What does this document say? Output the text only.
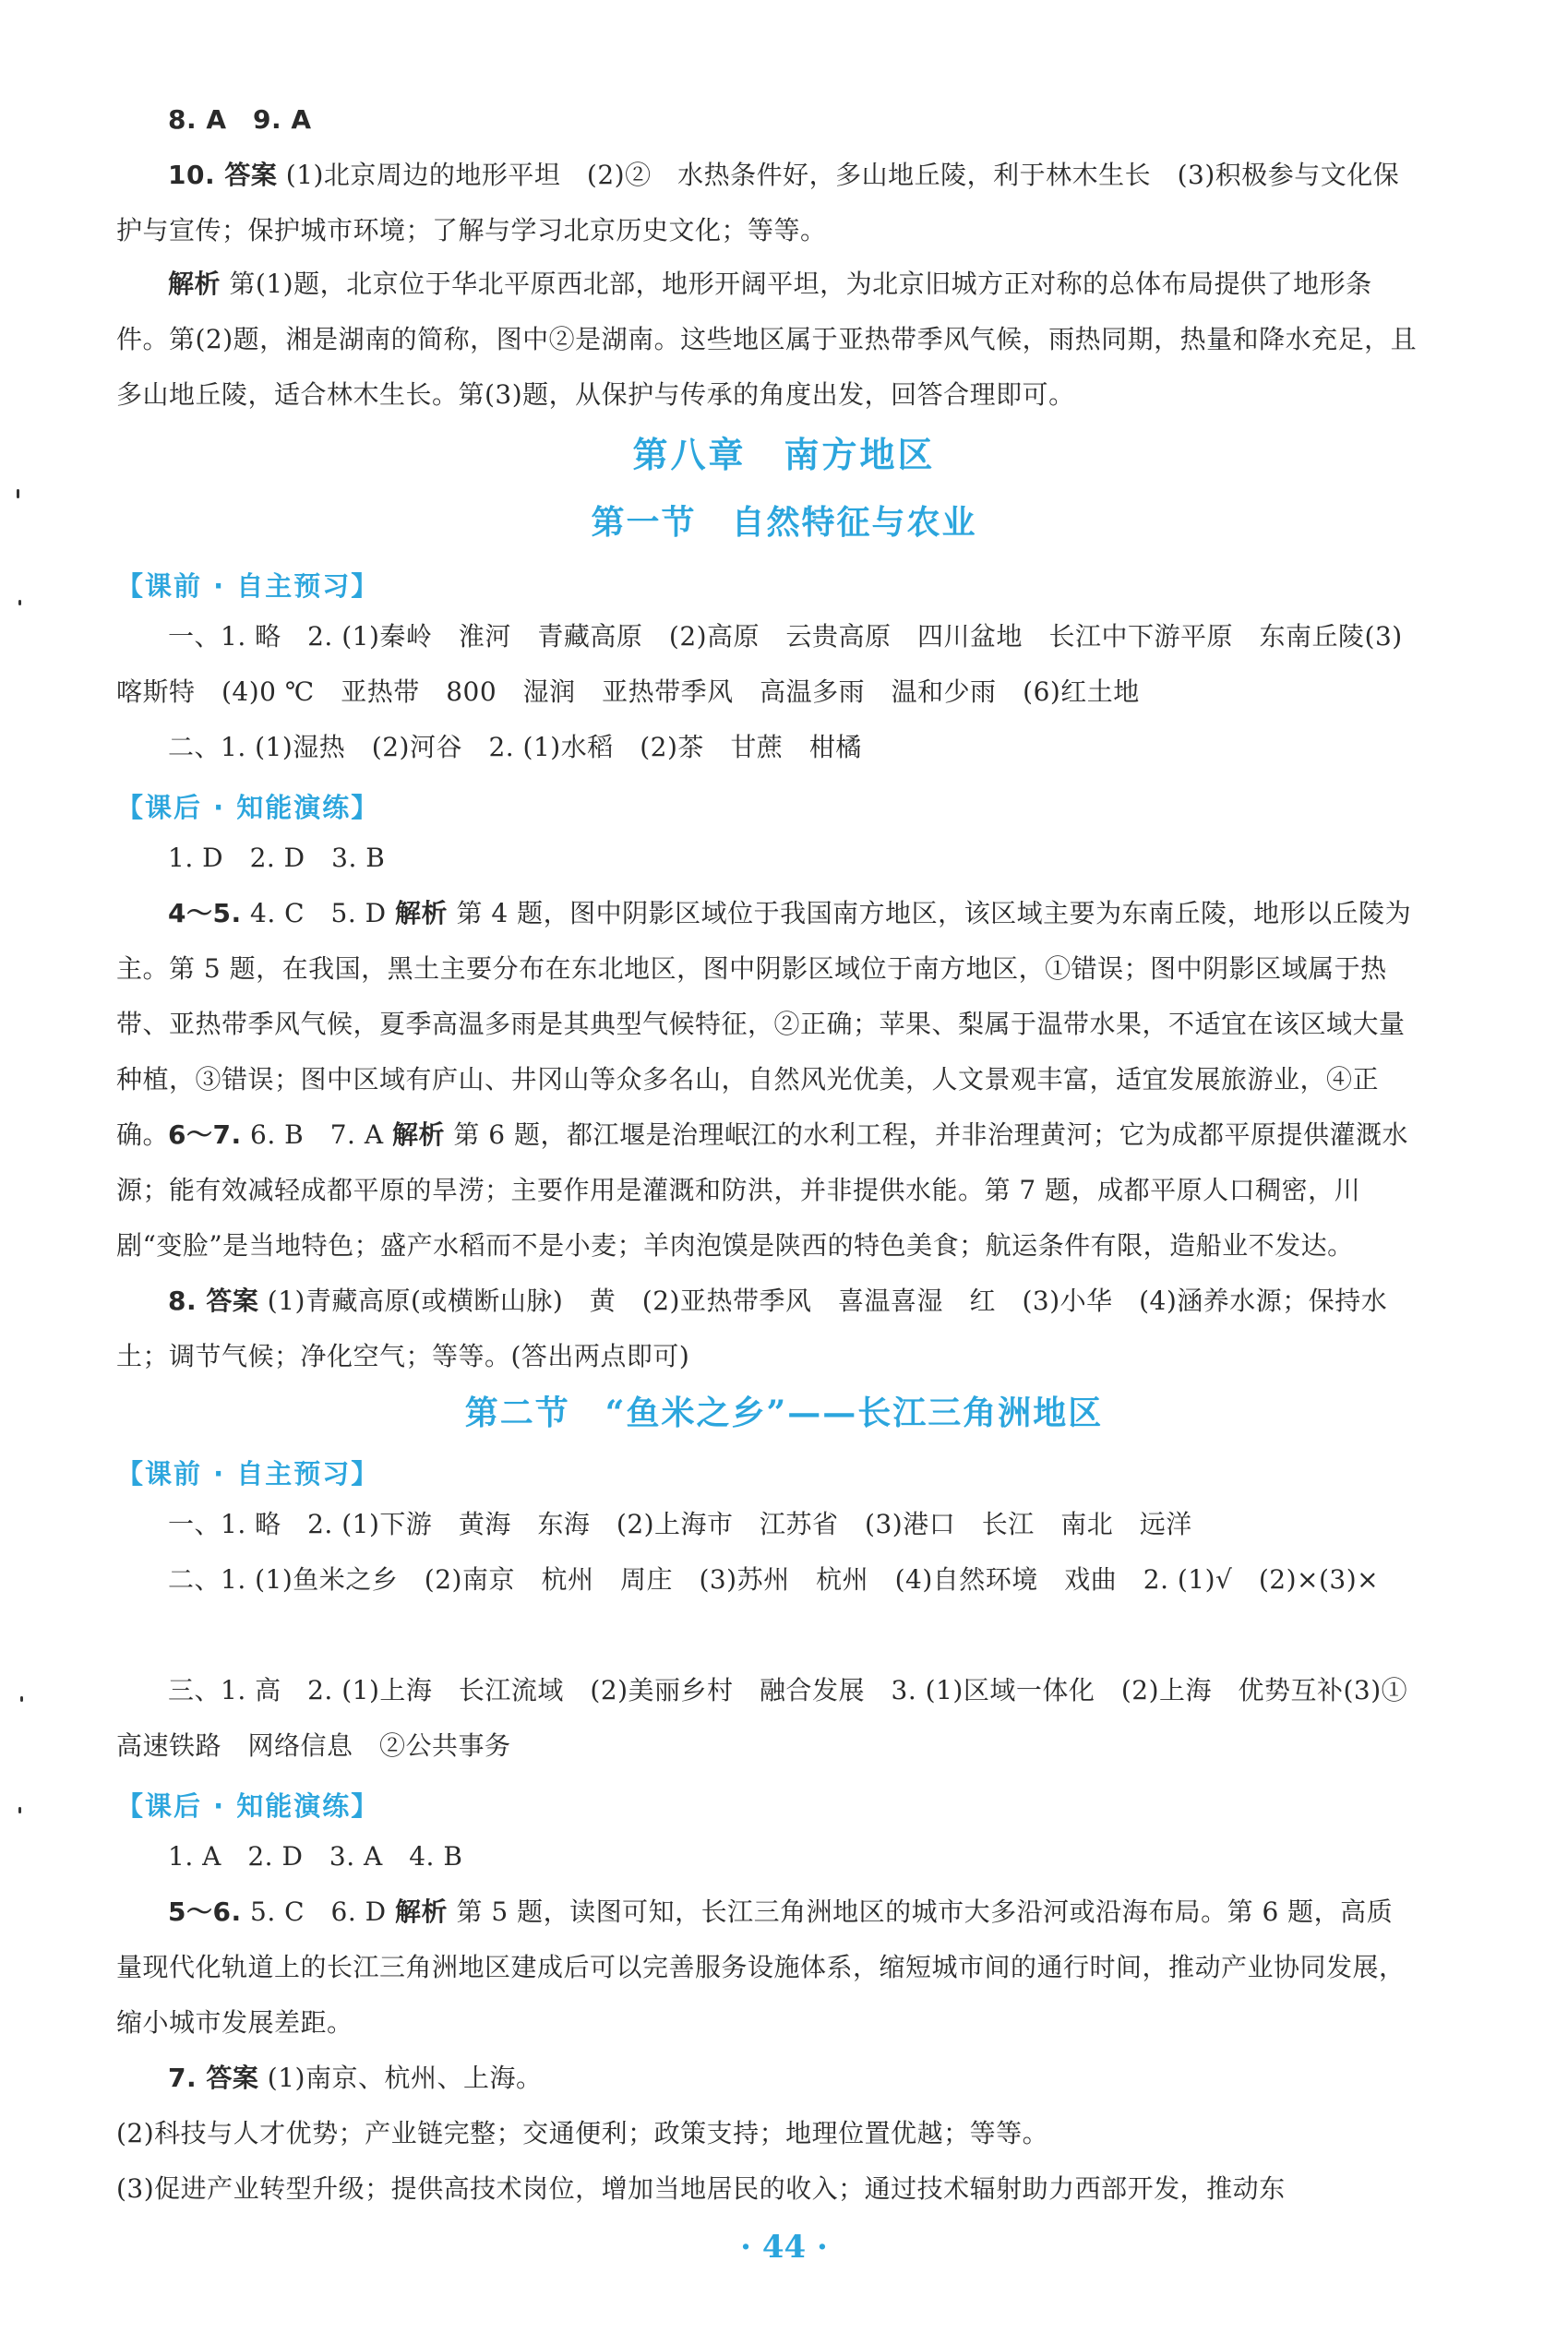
8. A　9. A
10. 答案 (1)北京周边的地形平坦　(2)②　水热条件好，多山地丘陵，利于林木生长　(3)积极参与文化保护与宣传；保护城市环境；了解与学习北京历史文化；等等。
解析 第(1)题，北京位于华北平原西北部，地形开阔平坦，为北京旧城方正对称的总体布局提供了地形条件。第(2)题，湘是湖南的简称，图中②是湖南。这些地区属于亚热带季风气候，雨热同期，热量和降水充足，且多山地丘陵，适合林木生长。第(3)题，从保护与传承的角度出发，回答合理即可。
第八章　南方地区
第一节　自然特征与农业
【课前 · 自主预习】
一、1. 略　2. (1)秦岭　淮河　青藏高原　(2)高原　云贵高原　四川盆地　长江中下游平原　东南丘陵(3)喀斯特　(4)0 ℃　亚热带　800　湿润　亚热带季风　高温多雨　温和少雨　(6)红土地
二、1. (1)湿热　(2)河谷　2. (1)水稻　(2)茶　甘蔗　柑橘
【课后 · 知能演练】
1. D　2. D　3. B
4～5. 4. C　5. D 解析 第 4 题，图中阴影区域位于我国南方地区，该区域主要为东南丘陵，地形以丘陵为主。第 5 题，在我国，黑土主要分布在东北地区，图中阴影区域位于南方地区，①错误；图中阴影区域属于热带、亚热带季风气候，夏季高温多雨是其典型气候特征，②正确；苹果、梨属于温带水果，不适宜在该区域大量种植，③错误；图中区域有庐山、井冈山等众多名山，自然风光优美，人文景观丰富，适宜发展旅游业，④正确。
6～7. 6. B　7. A 解析 第 6 题，都江堰是治理岷江的水利工程，并非治理黄河；它为成都平原提供灌溉水源；能有效减轻成都平原的旱涝；主要作用是灌溉和防洪，并非提供水能。第 7 题，成都平原人口稠密，川剧“变脸”是当地特色；盛产水稻而不是小麦；羊肉泡馍是陕西的特色美食；航运条件有限，造船业不发达。
8. 答案 (1)青藏高原(或横断山脉)　黄　(2)亚热带季风　喜温喜湿　红　(3)小华　(4)涵养水源；保持水土；调节气候；净化空气；等等。(答出两点即可)
第二节　“鱼米之乡”——长江三角洲地区
【课前 · 自主预习】
一、1. 略　2. (1)下游　黄海　东海　(2)上海市　江苏省　(3)港口　长江　南北　远洋
二、1. (1)鱼米之乡　(2)南京　杭州　周庄　(3)苏州　杭州　(4)自然环境　戏曲　2. (1)√　(2)×(3)×
三、1. 高　2. (1)上海　长江流域　(2)美丽乡村　融合发展　3. (1)区域一体化　(2)上海　优势互补(3)①高速铁路　网络信息　②公共事务
【课后 · 知能演练】
1. A　2. D　3. A　4. B
5～6. 5. C　6. D 解析 第 5 题，读图可知，长江三角洲地区的城市大多沿河或沿海布局。第 6 题，高质量现代化轨道上的长江三角洲地区建成后可以完善服务设施体系，缩短城市间的通行时间，推动产业协同发展，缩小城市发展差距。
7. 答案 (1)南京、杭州、上海。
(2)科技与人才优势；产业链完整；交通便利；政策支持；地理位置优越；等等。
(3)促进产业转型升级；提供高技术岗位，增加当地居民的收入；通过技术辐射助力西部开发，推动东
· 44 ·
